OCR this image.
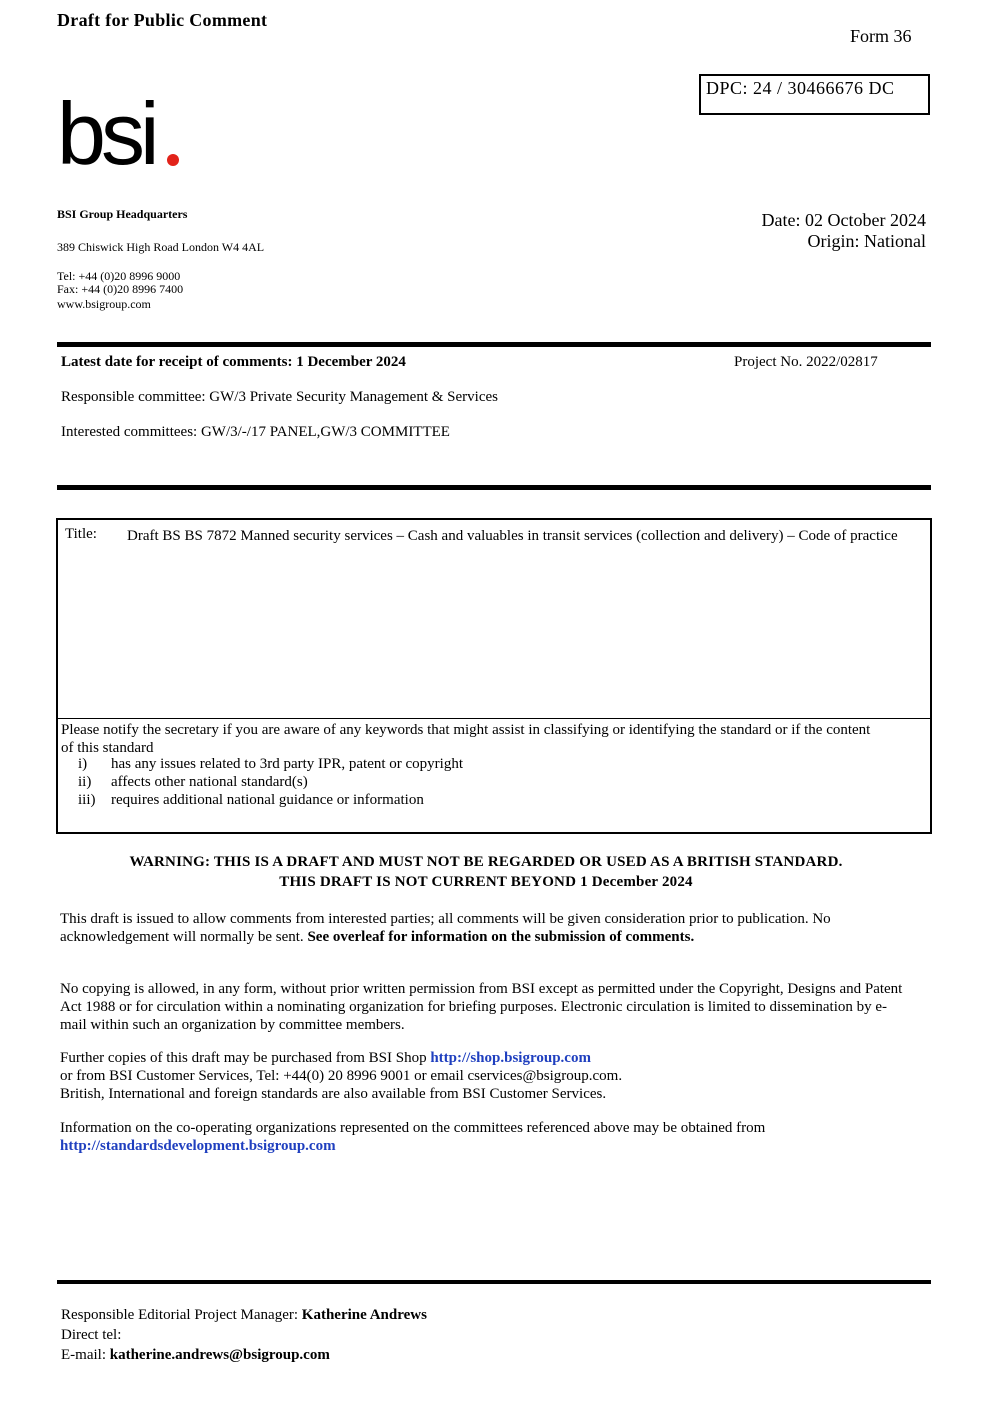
Draft for Public Comment
Form 36
DPC: 24 / 30466676 DC
bsi
BSI Group Headquarters
389 Chiswick High Road London W4 4AL
Tel: +44 (0)20 8996 9000
Fax: +44 (0)20 8996 7400
www.bsigroup.com
Date: 02 October 2024
Origin: National
Latest date for receipt of comments: 1 December 2024	Project No. 2022/02817
Responsible committee: GW/3 Private Security Management & Services
Interested committees: GW/3/-/17 PANEL,GW/3 COMMITTEE
Title: Draft BS BS 7872 Manned security services – Cash and valuables in transit services (collection and delivery) – Code of practice
Please notify the secretary if you are aware of any keywords that might assist in classifying or identifying the standard or if the content of this standard
i) has any issues related to 3rd party IPR, patent or copyright
ii) affects other national standard(s)
iii) requires additional national guidance or information
WARNING: THIS IS A DRAFT AND MUST NOT BE REGARDED OR USED AS A BRITISH STANDARD.
THIS DRAFT IS NOT CURRENT BEYOND 1 December 2024
This draft is issued to allow comments from interested parties; all comments will be given consideration prior to publication. No acknowledgement will normally be sent. See overleaf for information on the submission of comments.
No copying is allowed, in any form, without prior written permission from BSI except as permitted under the Copyright, Designs and Patent Act 1988 or for circulation within a nominating organization for briefing purposes. Electronic circulation is limited to dissemination by e-mail within such an organization by committee members.
Further copies of this draft may be purchased from BSI Shop http://shop.bsigroup.com
or from BSI Customer Services, Tel: +44(0) 20 8996 9001 or email cservices@bsigroup.com.
British, International and foreign standards are also available from BSI Customer Services.
Information on the co-operating organizations represented on the committees referenced above may be obtained from http://standardsdevelopment.bsigroup.com
Responsible Editorial Project Manager: Katherine Andrews
Direct tel:
E-mail: katherine.andrews@bsigroup.com
